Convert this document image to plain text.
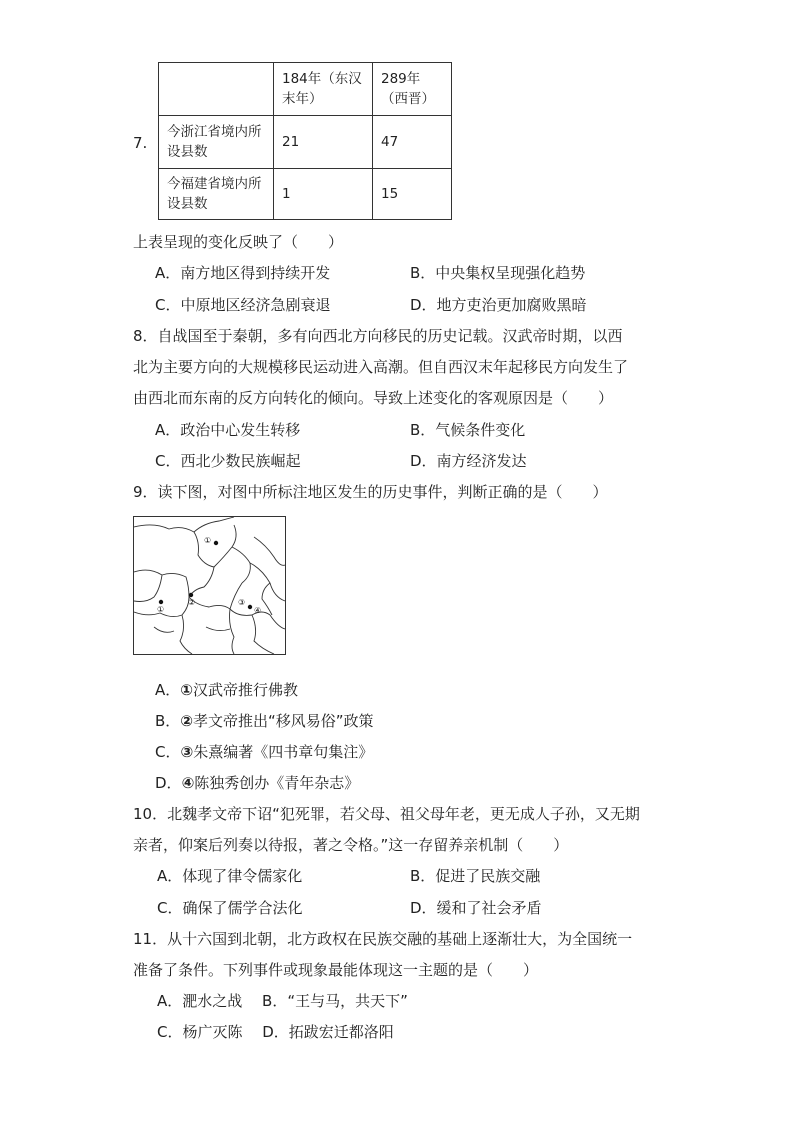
7.
	184年（东汉末年）	289年（西晋）
今浙江省境内所设县数	21	47
今福建省境内所设县数	1	15
上表呈现的变化反映了（　　）
A．南方地区得到持续开发	B．中央集权呈现强化趋势
C．中原地区经济急剧衰退	D．地方吏治更加腐败黑暗
8．自战国至于秦朝，多有向西北方向移民的历史记载。汉武帝时期，以西
北为主要方向的大规模移民运动进入高潮。但自西汉末年起移民方向发生了
由西北而东南的反方向转化的倾向。导致上述变化的客观原因是（　　）
A．政治中心发生转移	B．气候条件变化
C．西北少数民族崛起	D．南方经济发达
9．读下图，对图中所标注地区发生的历史事件，判断正确的是（　　）
①
①
②	③
④
A．①汉武帝推行佛教
B．②孝文帝推出“移风易俗”政策
C．③朱熹编著《四书章句集注》
D．④陈独秀创办《青年杂志》
10．北魏孝文帝下诏“犯死罪，若父母、祖父母年老，更无成人子孙，又无期
亲者，仰案后列奏以待报，著之令格。”这一存留养亲机制（　　）
A．体现了律令儒家化	B．促进了民族交融
C．确保了儒学合法化	D．缓和了社会矛盾
11．从十六国到北朝，北方政权在民族交融的基础上逐渐壮大，为全国统一
准备了条件。下列事件或现象最能体现这一主题的是（　　）
A．淝水之战　 B．“王与马，共天下”
C．杨广灭陈　 D．拓跋宏迁都洛阳
